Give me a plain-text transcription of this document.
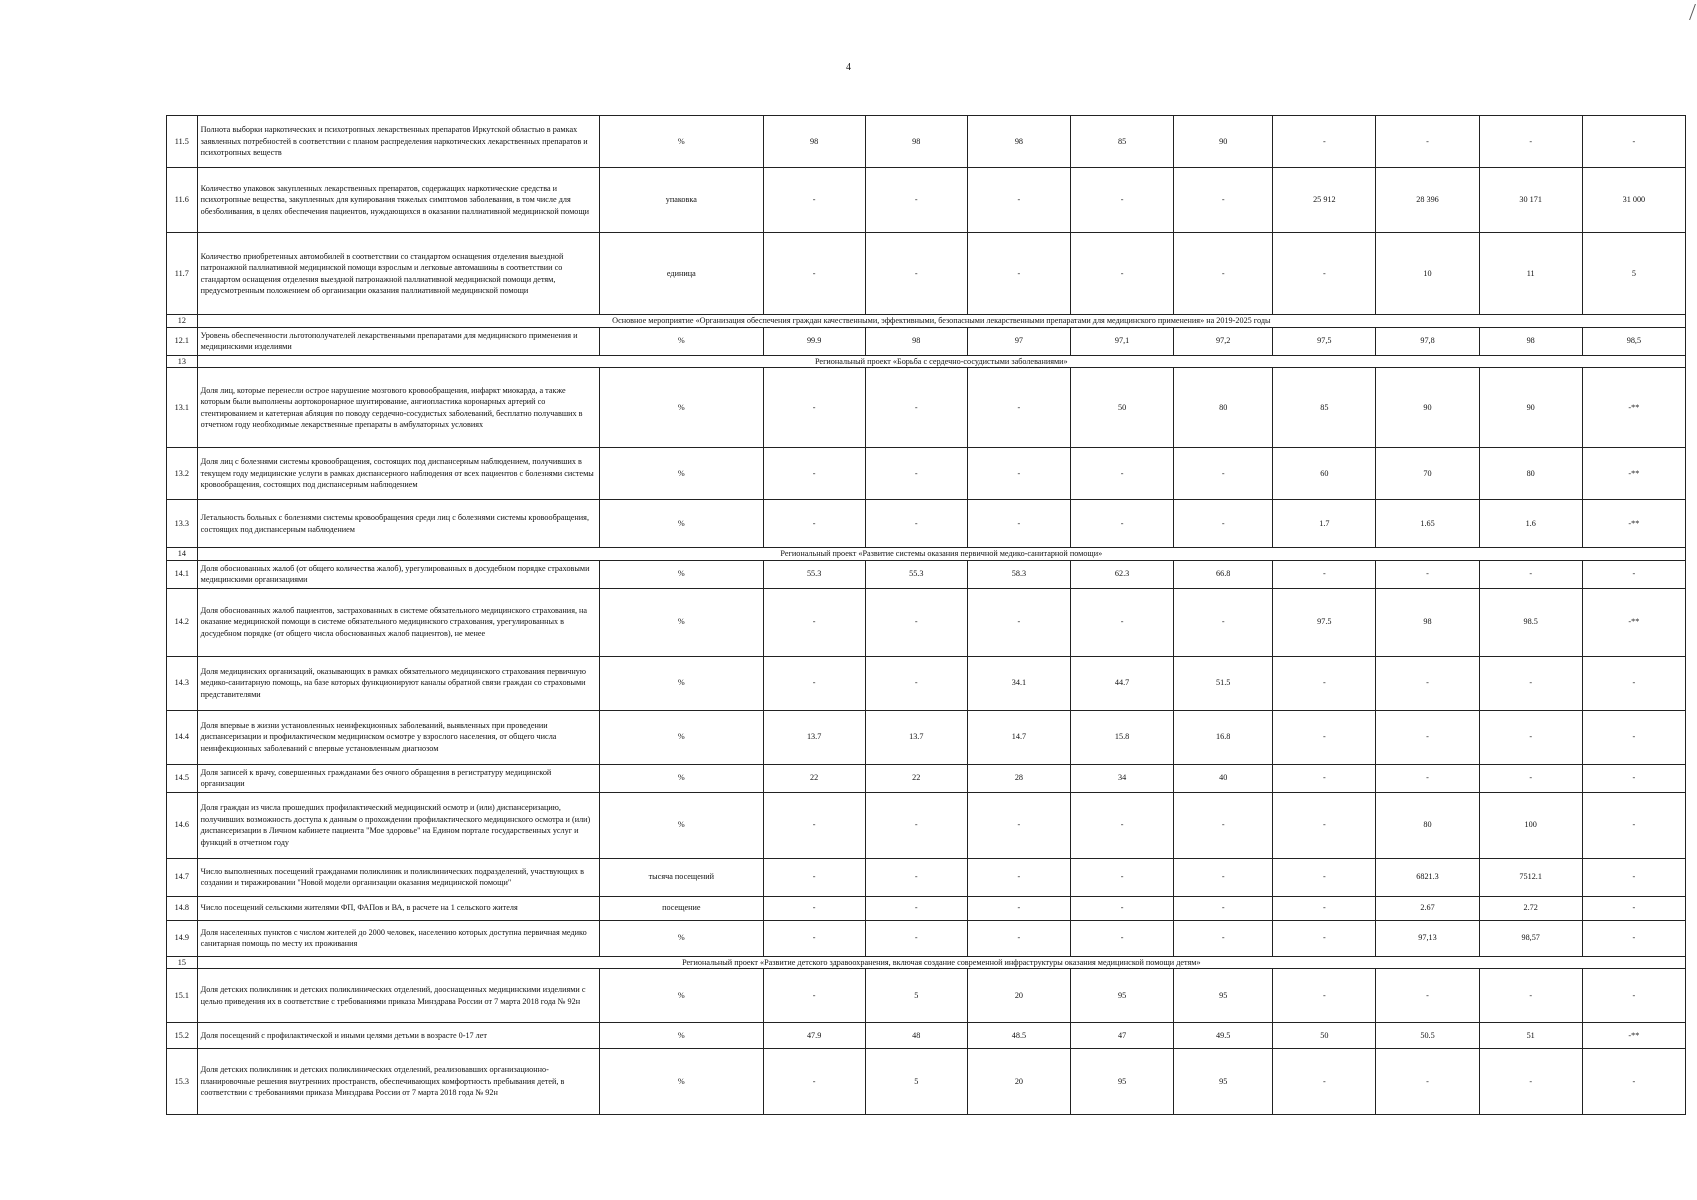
4
11.5	Полнота выборки наркотических и психотропных лекарственных препаратов Иркутской областью в рамках заявленных потребностей в соответствии с планом распределения наркотических лекарственных препаратов и психотропных веществ	%	98	98	98	85	90	-	-	-	-
11.6	Количество упаковок закупленных лекарственных препаратов, содержащих наркотические средства и психотропные вещества, закупленных для купирования тяжелых симптомов заболевания, в том числе для обезболивания, в целях обеспечения пациентов, нуждающихся в оказании паллиативной медицинской помощи	упаковка	-	-	-	-	-	25 912	28 396	30 171	31 000
11.7	Количество приобретенных автомобилей в соответствии со стандартом оснащения отделения выездной патронажной паллиативной медицинской помощи взрослым и легковые автомашины в соответствии со стандартом оснащения отделения выездной патронажной паллиативной медицинской помощи детям, предусмотренным положением об организации оказания паллиативной медицинской помощи	единица	-	-	-	-	-	-	10	11	5
12	Основное мероприятие «Организация обеспечения граждан качественными, эффективными, безопасными лекарственными препаратами для медицинского применения» на 2019-2025 годы										
12.1	Уровень обеспеченности льготополучателей лекарственными препаратами для медицинского применения и медицинскими изделиями	%	99.9	98	97	97,1	97,2	97,5	97,8	98	98,5
13	Региональный проект «Борьба с сердечно-сосудистыми заболеваниями»										
13.1	Доля лиц, которые перенесли острое нарушение мозгового кровообращения, инфаркт миокарда, а также которым были выполнены аортокоронарное шунтирование, ангиопластика коронарных артерий со стентированием и катетерная абляция по поводу сердечно-сосудистых заболеваний, бесплатно получавших в отчетном году необходимые лекарственные препараты в амбулаторных условиях	%	-	-	-	50	80	85	90	90	-**
13.2	Доля лиц с болезнями системы кровообращения, состоящих под диспансерным наблюдением, получивших в текущем году медицинские услуги в рамках диспансерного наблюдения от всех пациентов с болезнями системы кровообращения, состоящих под диспансерным наблюдением	%	-	-	-	-	-	60	70	80	-**
13.3	Летальность больных с болезнями системы кровообращения среди лиц с болезнями системы кровообращения, состоящих под диспансерным наблюдением	%	-	-	-	-	-	1.7	1.65	1.6	-**
14	Региональный проект «Развитие системы оказания первичной медико-санитарной помощи»										
14.1	Доля обоснованных жалоб (от общего количества жалоб), урегулированных в досудебном порядке страховыми медицинскими организациями	%	55.3	55.3	58.3	62.3	66.8	-	-	-	-
14.2	Доля обоснованных жалоб пациентов, застрахованных в системе обязательного медицинского страхования, на оказание медицинской помощи в системе обязательного медицинского страхования, урегулированных в досудебном порядке (от общего числа обоснованных жалоб пациентов), не менее	%	-	-	-	-	-	97.5	98	98.5	-**
14.3	Доля медицинских организаций, оказывающих в рамках обязательного медицинского страхования первичную медико-санитарную помощь, на базе которых функционируют каналы обратной связи граждан со страховыми представителями	%	-	-	34.1	44.7	51.5	-	-	-	-
14.4	Доля впервые в жизни установленных неинфекционных заболеваний, выявленных при проведении диспансеризации и профилактическом медицинском осмотре у взрослого населения, от общего числа неинфекционных заболеваний с впервые установленным диагнозом	%	13.7	13.7	14.7	15.8	16.8	-	-	-	-
14.5	Доля записей к врачу, совершенных гражданами без очного обращения в регистратуру медицинской организации	%	22	22	28	34	40	-	-	-	-
14.6	Доля граждан из числа прошедших профилактический медицинский осмотр и (или) диспансеризацию, получивших возможность доступа к данным о прохождении профилактического медицинского осмотра и (или) диспансеризации в Личном кабинете пациента "Мое здоровье" на Едином портале государственных услуг и функций в отчетном году	%	-	-	-	-	-	-	80	100	-
14.7	Число выполненных посещений гражданами поликлиник и поликлинических подразделений, участвующих в создании и тиражировании "Новой модели организации оказания медицинской помощи"	тысяча посещений	-	-	-	-	-	-	6821.3	7512.1	-
14.8	Число посещений сельскими жителями ФП, ФАПов и ВА, в расчете на 1 сельского жителя	посещение	-	-	-	-	-	-	2.67	2.72	-
14.9	Доля населенных пунктов с числом жителей до 2000 человек, населению которых доступна первичная медико санитарная помощь по месту их проживания	%	-	-	-	-	-	-	97,13	98,57	-
15	Региональный проект «Развитие детского здравоохранения, включая создание современной инфраструктуры оказания медицинской помощи детям»										
15.1	Доля детских поликлиник и детских поликлинических отделений, дооснащенных медицинскими изделиями с целью приведения их в соответствие с требованиями приказа Минздрава России от 7 марта 2018 года № 92н	%	-	5	20	95	95	-	-	-	-
15.2	Доля посещений с профилактической и иными целями детьми в возрасте 0-17 лет	%	47.9	48	48.5	47	49.5	50	50.5	51	-**
15.3	Доля детских поликлиник и детских поликлинических отделений, реализовавших организационно-планировочные решения внутренних пространств, обеспечивающих комфортность пребывания детей, в соответствии с требованиями приказа Минздрава России от 7 марта 2018 года № 92н	%	-	5	20	95	95	-	-	-	-
